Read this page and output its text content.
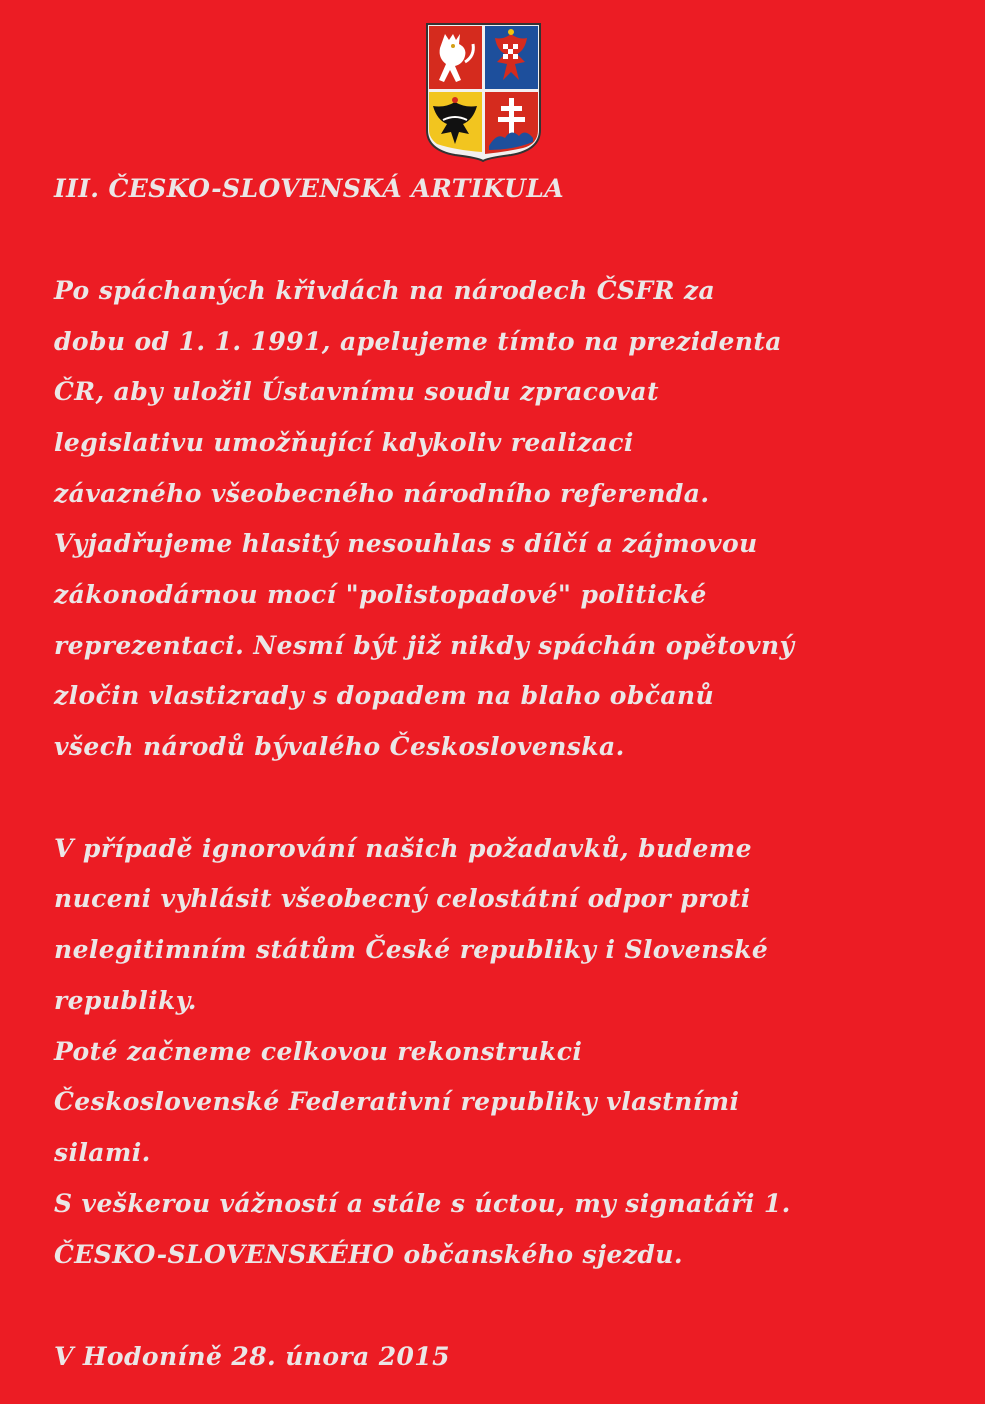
III. ČESKO-SLOVENSKÁ ARTIKULA
Po spáchaných křivdách na národech ČSFR za
dobu od 1. 1. 1991, apelujeme tímto na prezidenta
ČR, aby uložil Ústavnímu soudu zpracovat
legislativu umožňující kdykoliv realizaci
závazného všeobecného národního referenda.
Vyjadřujeme hlasitý nesouhlas s dílčí a zájmovou
zákonodárnou mocí "polistopadové" politické
reprezentaci. Nesmí být již nikdy spáchán opětovný
zločin vlastizrady s dopadem na blaho občanů
všech národů bývalého Československa.
V případě ignorování našich požadavků, budeme
nuceni vyhlásit všeobecný celostátní odpor proti
nelegitimním státům České republiky i Slovenské
republiky.
Poté začneme celkovou rekonstrukci
Československé Federativní republiky vlastními
silami.
S veškerou vážností a stále s úctou, my signatáři 1.
ČESKO-SLOVENSKÉHO občanského sjezdu.
V Hodoníně 28. února 2015
